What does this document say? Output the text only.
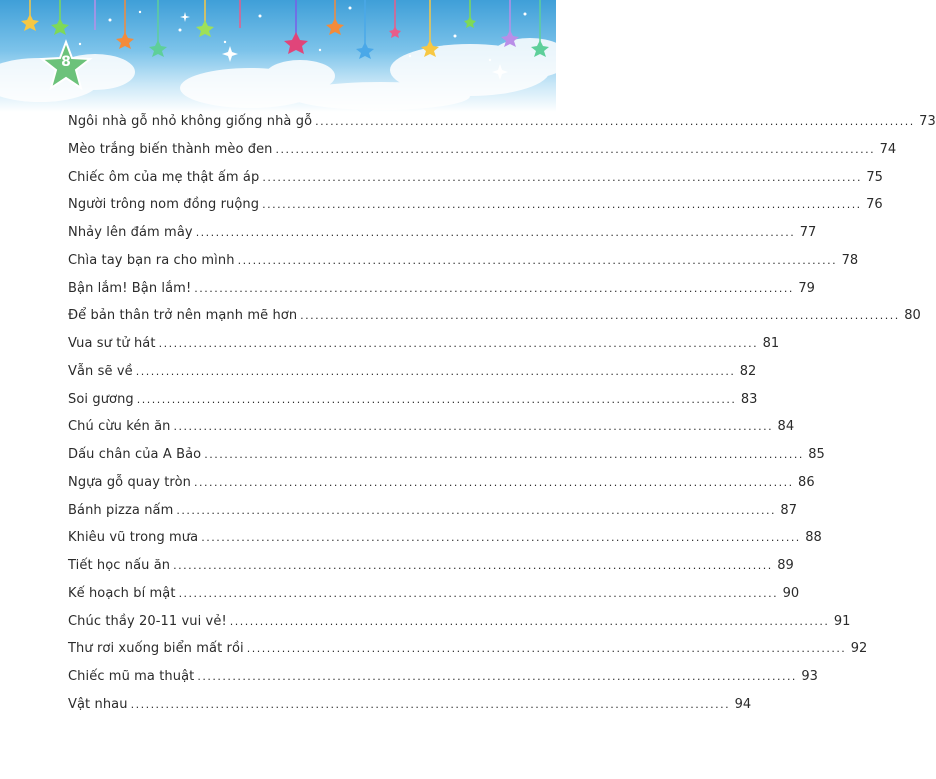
8
Ngôi nhà gỗ nhỏ không giống nhà gỗ ........................................................................................................................ 73
Mèo trắng biến thành mèo đen ........................................................................................................................ 74
Chiếc ôm của mẹ thật ấm áp ........................................................................................................................ 75
Người trông nom đồng ruộng ........................................................................................................................ 76
Nhảy lên đám mây ........................................................................................................................ 77
Chìa tay bạn ra cho mình ........................................................................................................................ 78
Bận lắm! Bận lắm! ........................................................................................................................ 79
Để bản thân trở nên mạnh mẽ hơn ........................................................................................................................ 80
Vua sư tử hát ........................................................................................................................ 81
Vẫn sẽ về ........................................................................................................................ 82
Soi gương ........................................................................................................................ 83
Chú cừu kén ăn ........................................................................................................................ 84
Dấu chân của A Bảo ........................................................................................................................ 85
Ngựa gỗ quay tròn ........................................................................................................................ 86
Bánh pizza nấm ........................................................................................................................ 87
Khiêu vũ trong mưa ........................................................................................................................ 88
Tiết học nấu ăn ........................................................................................................................ 89
Kế hoạch bí mật ........................................................................................................................ 90
Chúc thầy 20-11 vui vẻ! ........................................................................................................................ 91
Thư rơi xuống biển mất rồi ........................................................................................................................ 92
Chiếc mũ ma thuật ........................................................................................................................ 93
Vật nhau ........................................................................................................................ 94
